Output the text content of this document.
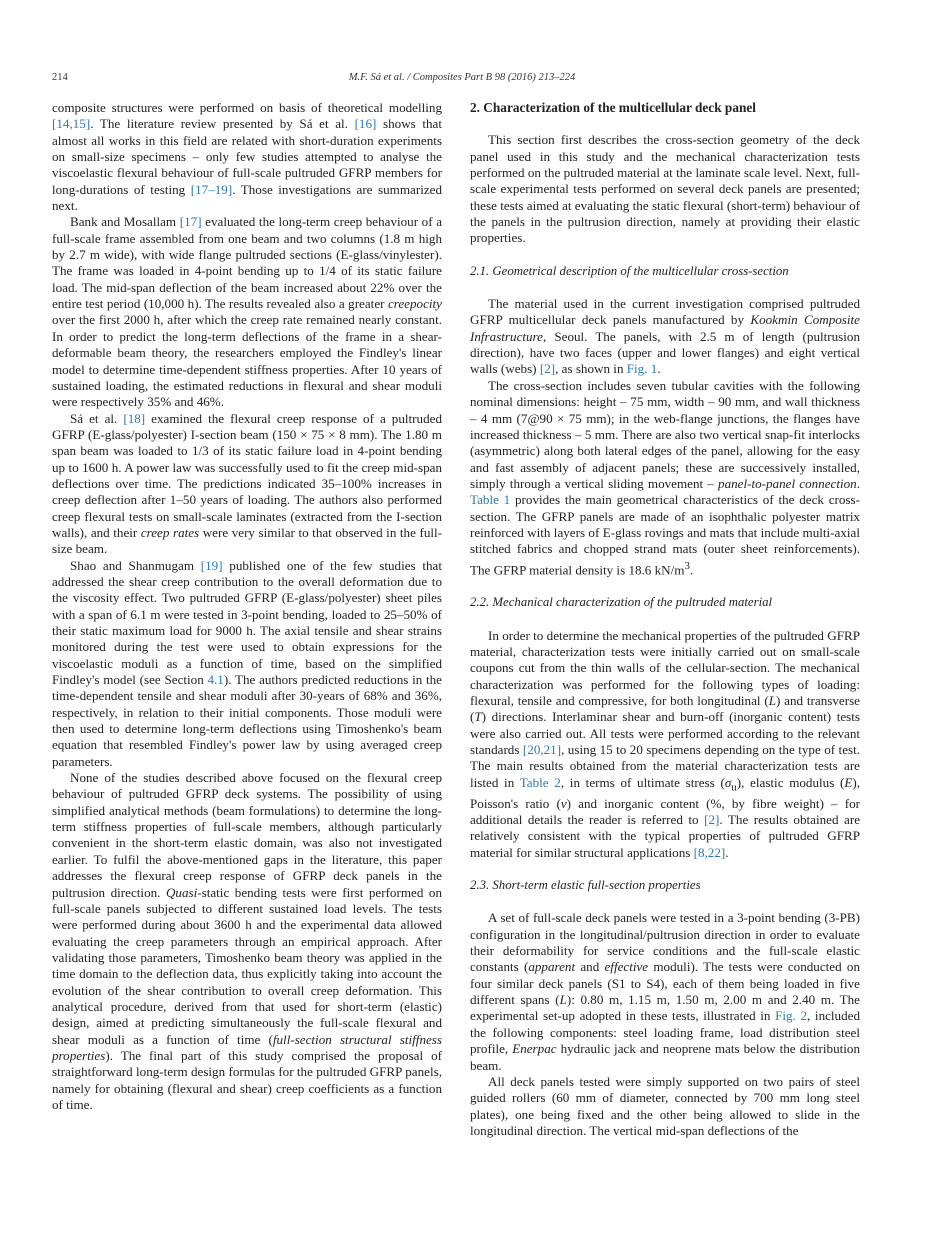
214	M.F. Sá et al. / Composites Part B 98 (2016) 213–224

composite structures were performed on basis of theoretical modelling [14,15]. The literature review presented by Sá et al. [16] shows that almost all works in this field are related with short-duration experiments on small-size specimens – only few studies attempted to analyse the viscoelastic flexural behaviour of full-scale pultruded GFRP members for long-durations of testing [17–19]. Those investigations are summarized next.

Bank and Mosallam [17] evaluated the long-term creep behaviour of a full-scale frame assembled from one beam and two columns (1.8 m high by 2.7 m wide), with wide flange pultruded sections (E-glass/vinylester). The frame was loaded in 4-point bending up to 1/4 of its static failure load. The mid-span deflection of the beam increased about 22% over the entire test period (10,000 h). The results revealed also a greater creepocity over the first 2000 h, after which the creep rate remained nearly constant. In order to predict the long-term deflections of the frame in a shear-deformable beam theory, the researchers employed the Findley's linear model to determine time-dependent stiffness properties. After 10 years of sustained loading, the estimated reductions in flexural and shear moduli were respectively 35% and 46%.

Sá et al. [18] examined the flexural creep response of a pultruded GFRP (E-glass/polyester) I-section beam (150 × 75 × 8 mm). The 1.80 m span beam was loaded to 1/3 of its static failure load in 4-point bending up to 1600 h. A power law was successfully used to fit the creep mid-span deflections over time. The predictions indicated 35–100% increases in creep deflection after 1–50 years of loading. The authors also performed creep flexural tests on small-scale laminates (extracted from the I-section walls), and their creep rates were very similar to that observed in the full-size beam.

Shao and Shanmugam [19] published one of the few studies that addressed the shear creep contribution to the overall deformation due to the viscosity effect. Two pultruded GFRP (E-glass/polyester) sheet piles with a span of 6.1 m were tested in 3-point bending, loaded to 25–50% of their static maximum load for 9000 h. The axial tensile and shear strains monitored during the test were used to obtain expressions for the viscoelastic moduli as a function of time, based on the simplified Findley's model (see Section 4.1). The authors predicted reductions in the time-dependent tensile and shear moduli after 30-years of 68% and 36%, respectively, in relation to their initial components. Those moduli were then used to determine long-term deflections using Timoshenko's beam equation that resembled Findley's power law by using averaged creep parameters.

None of the studies described above focused on the flexural creep behaviour of pultruded GFRP deck systems. The possibility of using simplified analytical methods (beam formulations) to determine the long-term stiffness properties of full-scale members, although particularly convenient in the short-term elastic domain, was also not investigated earlier. To fulfil the above-mentioned gaps in the literature, this paper addresses the flexural creep response of GFRP deck panels in the pultrusion direction. Quasi-static bending tests were first performed on full-scale panels subjected to different sustained load levels. The tests were performed during about 3600 h and the experimental data allowed evaluating the creep parameters through an empirical approach. After validating those parameters, Timoshenko beam theory was applied in the time domain to the deflection data, thus explicitly taking into account the evolution of the shear contribution to overall creep deformation. This analytical procedure, derived from that used for short-term (elastic) design, aimed at predicting simultaneously the full-scale flexural and shear moduli as a function of time (full-section structural stiffness properties). The final part of this study comprised the proposal of straightforward long-term design formulas for the pultruded GFRP panels, namely for obtaining (flexural and shear) creep coefficients as a function of time.

2. Characterization of the multicellular deck panel

This section first describes the cross-section geometry of the deck panel used in this study and the mechanical characterization tests performed on the pultruded material at the laminate scale level. Next, full-scale experimental tests performed on several deck panels are presented; these tests aimed at evaluating the static flexural (short-term) behaviour of the panels in the pultrusion direction, namely at providing their elastic properties.

2.1. Geometrical description of the multicellular cross-section

The material used in the current investigation comprised pultruded GFRP multicellular deck panels manufactured by Kookmin Composite Infrastructure, Seoul. The panels, with 2.5 m of length (pultrusion direction), have two faces (upper and lower flanges) and eight vertical walls (webs) [2], as shown in Fig. 1.

The cross-section includes seven tubular cavities with the following nominal dimensions: height – 75 mm, width – 90 mm, and wall thickness – 4 mm (7@90 × 75 mm); in the web-flange junctions, the flanges have increased thickness – 5 mm. There are also two vertical snap-fit interlocks (asymmetric) along both lateral edges of the panel, allowing for the easy and fast assembly of adjacent panels; these are successively installed, simply through a vertical sliding movement – panel-to-panel connection. Table 1 provides the main geometrical characteristics of the deck cross-section. The GFRP panels are made of an isophthalic polyester matrix reinforced with layers of E-glass rovings and mats that include multi-axial stitched fabrics and chopped strand mats (outer sheet reinforcements). The GFRP material density is 18.6 $kN/m^3$.

2.2. Mechanical characterization of the pultruded material

In order to determine the mechanical properties of the pultruded GFRP material, characterization tests were initially carried out on small-scale coupons cut from the thin walls of the cellular-section. The mechanical characterization was performed for the following types of loading: flexural, tensile and compressive, for both longitudinal (L) and transverse (T) directions. Interlaminar shear and burn-off (inorganic content) tests were also carried out. All tests were performed according to the relevant standards [20,21], using 15 to 20 specimens depending on the type of test. The main results obtained from the material characterization tests are listed in Table 2, in terms of ultimate stress $(\sigma_u)$, elastic modulus (E), Poisson's ratio (ν) and inorganic content (%, by fibre weight) – for additional details the reader is referred to [2]. The results obtained are relatively consistent with the typical properties of pultruded GFRP material for similar structural applications [8,22].

2.3. Short-term elastic full-section properties

A set of full-scale deck panels were tested in a 3-point bending (3-PB) configuration in the longitudinal/pultrusion direction in order to evaluate their deformability for service conditions and the full-scale elastic constants (apparent and effective moduli). The tests were conducted on four similar deck panels (S1 to S4), each of them being loaded in five different spans (L): 0.80 m, 1.15 m, 1.50 m, 2.00 m and 2.40 m. The experimental set-up adopted in these tests, illustrated in Fig. 2, included the following components: steel loading frame, load distribution steel profile, Enerpac hydraulic jack and neoprene mats below the distribution beam.

All deck panels tested were simply supported on two pairs of steel guided rollers (60 mm of diameter, connected by 700 mm long steel plates), one being fixed and the other being allowed to slide in the longitudinal direction. The vertical mid-span deflections of the
